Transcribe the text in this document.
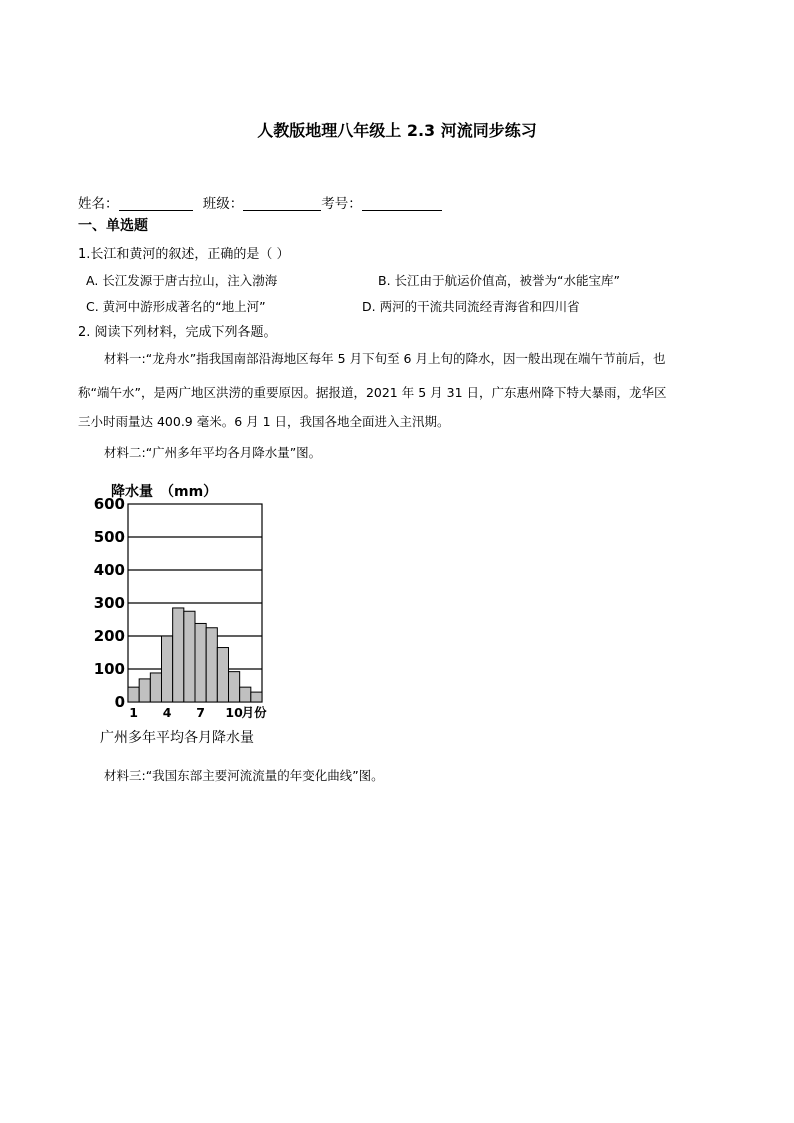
人教版地理八年级上 2.3 河流同步练习
姓名：	班级：	考号：
一、单选题
1.长江和黄河的叙述，正确的是（ ）
A. 长江发源于唐古拉山，注入渤海	B. 长江由于航运价值高，被誉为“水能宝库”
C. 黄河中游形成著名的“地上河”	D. 两河的干流共同流经青海省和四川省
2. 阅读下列材料，完成下列各题。
材料一:“龙舟水”指我国南部沿海地区每年 5 月下旬至 6 月上旬的降水，因一般出现在端午节前后，也
称“端午水”，是两广地区洪涝的重要原因。据报道，2021 年 5 月 31 日，广东惠州降下特大暴雨，龙华区
三小时雨量达 400.9 毫米。6 月 1 日，我国各地全面进入主汛期。
材料二:“广州多年平均各月降水量”图。
降水量　（mm）
0
100
200
300
400
500
600
1 4 7 10
月份
广州多年平均各月降水量
材料三:“我国东部主要河流流量的年变化曲线”图。
